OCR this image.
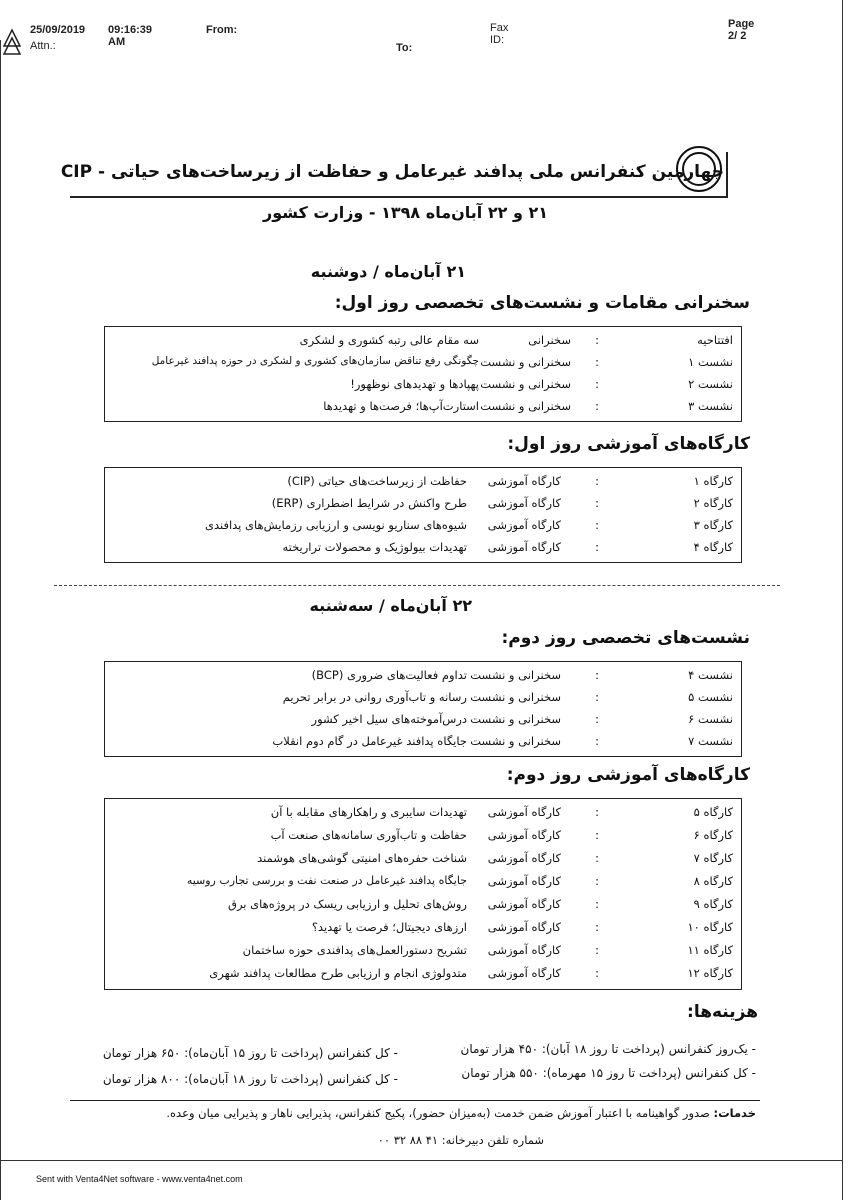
25/09/2019 09:16:39 AM
From:	Fax ID:
Page 2/ 2
Attn.:	To:
چهارمین کنفرانس ملی پدافند غیرعامل و حفاظت از زیرساخت‌های حیاتی - CIP
۲۱ و ۲۲ آبان‌ماه ۱۳۹۸ - وزارت کشور
۲۱ آبان‌ماه / دوشنبه
سخنرانی مقامات و نشست‌های تخصصی روز اول:
افتتاحیه
:
سخنرانی
سه مقام عالی رتبه کشوری و لشکری
نشست ۱
:
سخنرانی و نشست
چگونگی رفع تناقض سازمان‌های کشوری و لشکری در حوزه پدافند غیرعامل
نشست ۲
:
سخنرانی و نشست
پهپادها و تهدیدهای نوظهور!
نشست ۳
:
سخنرانی و نشست
استارت‌آپ‌ها؛ فرصت‌ها و تهدیدها
کارگاه‌های آموزشی روز اول:
کارگاه ۱
:
کارگاه آموزشی
حفاظت از زیرساخت‌های حیاتی (CIP)
کارگاه ۲
:
کارگاه آموزشی
طرح واکنش در شرایط اضطراری (ERP)
کارگاه ۳
:
کارگاه آموزشی
شیوه‌های سناریو نویسی و ارزیابی رزمایش‌های پدافندی
کارگاه ۴
:
کارگاه آموزشی
تهدیدات بیولوژیک و محصولات تراریخته
۲۲ آبان‌ماه / سه‌شنبه
نشست‌های تخصصی روز دوم:
نشست ۴
:
سخنرانی و نشست
تداوم فعالیت‌های ضروری (BCP)
نشست ۵
:
سخنرانی و نشست
رسانه و تاب‌آوری روانی در برابر تحریم
نشست ۶
:
سخنرانی و نشست
درس‌آموخته‌های سیل اخیر کشور
نشست ۷
:
سخنرانی و نشست
جایگاه پدافند غیرعامل در گام دوم انقلاب
کارگاه‌های آموزشی روز دوم:
کارگاه ۵
:
کارگاه آموزشی
تهدیدات سایبری و راهکارهای مقابله با آن
کارگاه ۶
:
کارگاه آموزشی
حفاظت و تاب‌آوری سامانه‌های صنعت آب
کارگاه ۷
:
کارگاه آموزشی
شناخت حفره‌های امنیتی گوشی‌های هوشمند
کارگاه ۸
:
کارگاه آموزشی
جایگاه پدافند غیرعامل در صنعت نفت و بررسی تجارب روسیه
کارگاه ۹
:
کارگاه آموزشی
روش‌های تحلیل و ارزیابی ریسک در پروژه‌های برق
کارگاه ۱۰
:
کارگاه آموزشی
ارزهای دیجیتال؛ فرصت یا تهدید؟
کارگاه ۱۱
:
کارگاه آموزشی
تشریح دستورالعمل‌های پدافندی حوزه ساختمان
کارگاه ۱۲
:
کارگاه آموزشی
متدولوژی انجام و ارزیابی طرح مطالعات پدافند شهری
هزینه‌ها:
- یک‌روز کنفرانس (پرداخت تا روز ۱۸ آبان): ۴۵۰ هزار تومان
- کل کنفرانس (پرداخت تا روز ۱۵ آبان‌ماه): ۶۵۰ هزار تومان
- کل کنفرانس (پرداخت تا روز ۱۵ مهرماه): ۵۵۰ هزار تومان
- کل کنفرانس (پرداخت تا روز ۱۸ آبان‌ماه): ۸۰۰ هزار تومان
خدمات: صدور گواهینامه با اعتبار آموزش ضمن خدمت (به‌میزان حضور)، پکیج کنفرانس، پذیرایی ناهار و پذیرایی میان وعده.
شماره تلفن دبیرخانه: ۴۱ ۸۸ ۳۲ ۰۰
Sent with Venta4Net software - www.venta4net.com
